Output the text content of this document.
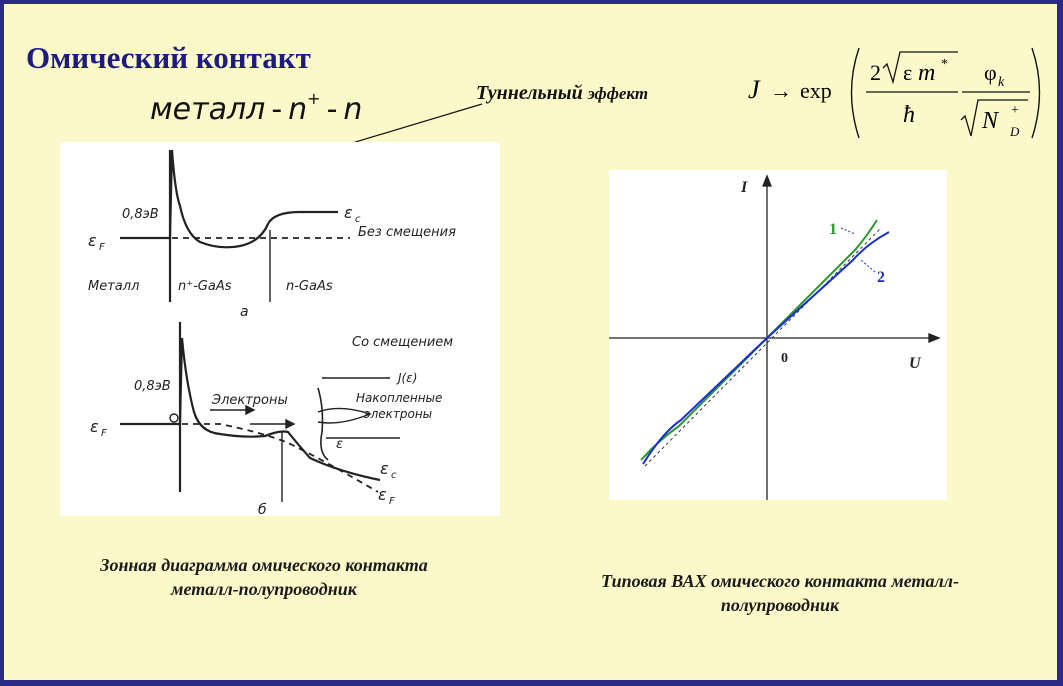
Омический контакт
металл - n+ - n	Туннельный эффект	J → exp
2 ε m *
ħ
φ k
N D
+
0,8эВ	ε c
ε F
Без смещения
Металл	n⁺-GaAs	n-GaAs
а
Со смещением
0,8эВ
Электроны
J(ε)
Накопленные
электроны
ε
ε F
ε c
ε F
б
Зонная диаграмма омического контакта
металл-полупроводник
I
U
0
1
2
Типовая ВАХ омического контакта металл-
полупроводник
